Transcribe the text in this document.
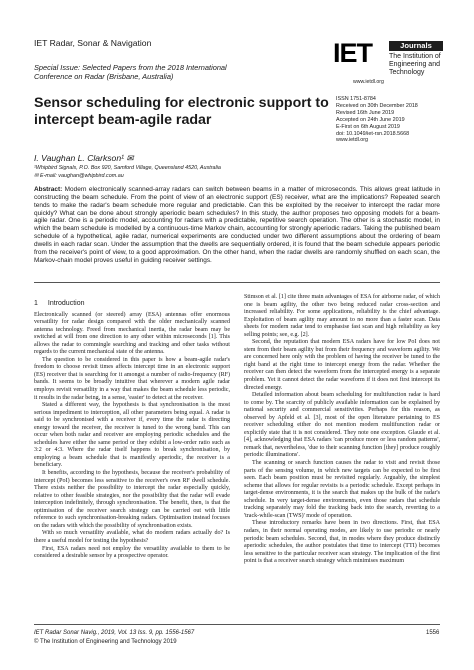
IET Radar, Sonar & Navigation
Special Issue: Selected Papers from the 2018 International
Conference on Radar (Brisbane, Australia)
IET	Journals
The Institution of
Engineering and Technology
www.ietdl.org
Sensor scheduling for electronic support to
intercept beam-agile radar
ISSN 1751-8784
Received on 30th December 2018
Revised 16th June 2019
Accepted on 24th June 2019
E-First on 6th August 2019
doi: 10.1049/iet-rsn.2018.5668
www.ietdl.org
I. Vaughan L. Clarkson¹ ✉
¹Whipbird Signals, P.O. Box 920, Samford Village, Queensland 4520, Australia
✉ E-mail: vaughan@whipbird.com.au
Abstract: Modern electronically scanned-array radars can switch between beams in a matter of microseconds. This allows great latitude in constructing the beam schedule. From the point of view of an electronic support (ES) receiver, what are the implications? Repeated search tends to make the radar's beam schedule more regular and predictable. Can this be exploited by the receiver to intercept the radar more quickly? What can be done about strongly aperiodic beam schedules? In this study, the author proposes two opposing models for a beam-agile radar. One is a periodic model, accounting for radars with a predictable, repetitive search operation. The other is a stochastic model, in which the beam schedule is modelled by a continuous-time Markov chain, accounting for strongly aperiodic radars. Taking the published beam schedule of a hypothetical, agile radar, numerical experiments are conducted under two different assumptions about the ordering of beam dwells in each radar scan. Under the assumption that the dwells are sequentially ordered, it is found that the beam schedule appears periodic from the receiver's point of view, to a good approximation. On the other hand, when the radar dwells are randomly shuffled on each scan, the Markov-chain model proves useful in guiding receiver settings.
1 Introduction

Electronically scanned (or steered) array (ESA) antennas offer enormous versatility for radar design compared with the older mechanically scanned antenna technology. Freed from mechanical inertia, the radar beam may be switched at will from one direction to any other within microseconds [1]. This allows the radar to commingle searching and tracking and other tasks without regards to the current mechanical state of the antenna.

The question to be considered in this paper is how a beam-agile radar's freedom to choose revisit times affects intercept time in an electronic support (ES) receiver that is searching for it amongst a number of radio-frequency (RF) bands. It seems to be broadly intuitive that wherever a modern agile radar employs revisit versatility in a way that makes the beam schedule less periodic, it results in the radar being, in a sense, 'easier' to detect at the receiver.

Stated a different way, the hypothesis is that synchronisation is the most serious impediment to interception, all other parameters being equal. A radar is said to be synchronised with a receiver if, every time the radar is directing energy toward the receiver, the receiver is tuned to the wrong band. This can occur when both radar and receiver are employing periodic schedules and the schedules have either the same period or they exhibit a low-order ratio such as 3:2 or 4:3. Where the radar itself happens to break synchronisation, by employing a beam schedule that is manifestly aperiodic, the receiver is a beneficiary.

It benefits, according to the hypothesis, because the receiver's probability of intercept (PoI) becomes less sensitive to the receiver's own RF dwell schedule. There exists neither the possibility to intercept the radar especially quickly, relative to other feasible strategies, nor the possibility that the radar will evade interception indefinitely, through synchronisation. The benefit, then, is that the optimisation of the receiver search strategy can be carried out with little reference to such synchronisation-breaking radars. Optimisation instead focuses on the radars with which the possibility of synchronisation exists.

With so much versatility available, what do modern radars actually do? Is there a useful model for testing the hypothesis?

First, ESA radars need not employ the versatility available to them to be considered a desirable sensor by a prospective operator.

Stimson et al. [1] cite three main advantages of ESA for airborne radar, of which one is beam agility, the other two being reduced radar cross-section and increased reliability. For some applications, reliability is the chief advantage. Exploitation of beam agility may amount to no more than a faster scan. Data sheets for modern radar tend to emphasise fast scan and high reliability as key selling points; see, e.g. [2].

Second, the reputation that modern ESA radars have for low PoI does not stem from their beam agility but from their frequency and waveform agility. We are concerned here only with the problem of having the receiver be tuned to the right band at the right time to intercept energy from the radar. Whether the receiver can then detect the waveform from the intercepted energy is a separate problem. Yet it cannot detect the radar waveform if it does not first intercept its directed energy.

Detailed information about beam scheduling for multifunction radar is hard to come by. The scarcity of publicly available information can be explained by national security and commercial sensitivities. Perhaps for this reason, as observed by Apfeld et al. [3], most of the open literature pertaining to ES receiver scheduling either do not mention modern multifunction radar or explicitly state that it is not considered. They note one exception. Glaude et al. [4], acknowledging that ESA radars 'can produce more or less random patterns', remark that, nevertheless, 'due to their scanning function [they] produce roughly periodic illuminations'.

The scanning or search function causes the radar to visit and revisit those parts of the sensing volume, in which new targets can be expected to be first seen. Each beam position must be revisited regularly. Arguably, the simplest scheme that allows for regular revisits is a periodic schedule. Except perhaps in target-dense environments, it is the search that makes up the bulk of the radar's schedule. In very target-dense environments, even those radars that schedule tracking separately may fold the tracking back into the search, reverting to a 'track-while-scan (TWS)' mode of operation.

These introductory remarks have been in two directions. First, that ESA radars, in their normal operating modes, are likely to use periodic or nearly periodic beam schedules. Second, that, in modes where they produce distinctly aperiodic schedules, the author postulates that time to intercept (TTI) becomes less sensitive to the particular receiver scan strategy. The implication of the first point is that a receiver search strategy which minimises maximum

IET Radar Sonar Navig., 2019, Vol. 13 Iss. 9, pp. 1556-1567
© The Institution of Engineering and Technology 2019
1556
